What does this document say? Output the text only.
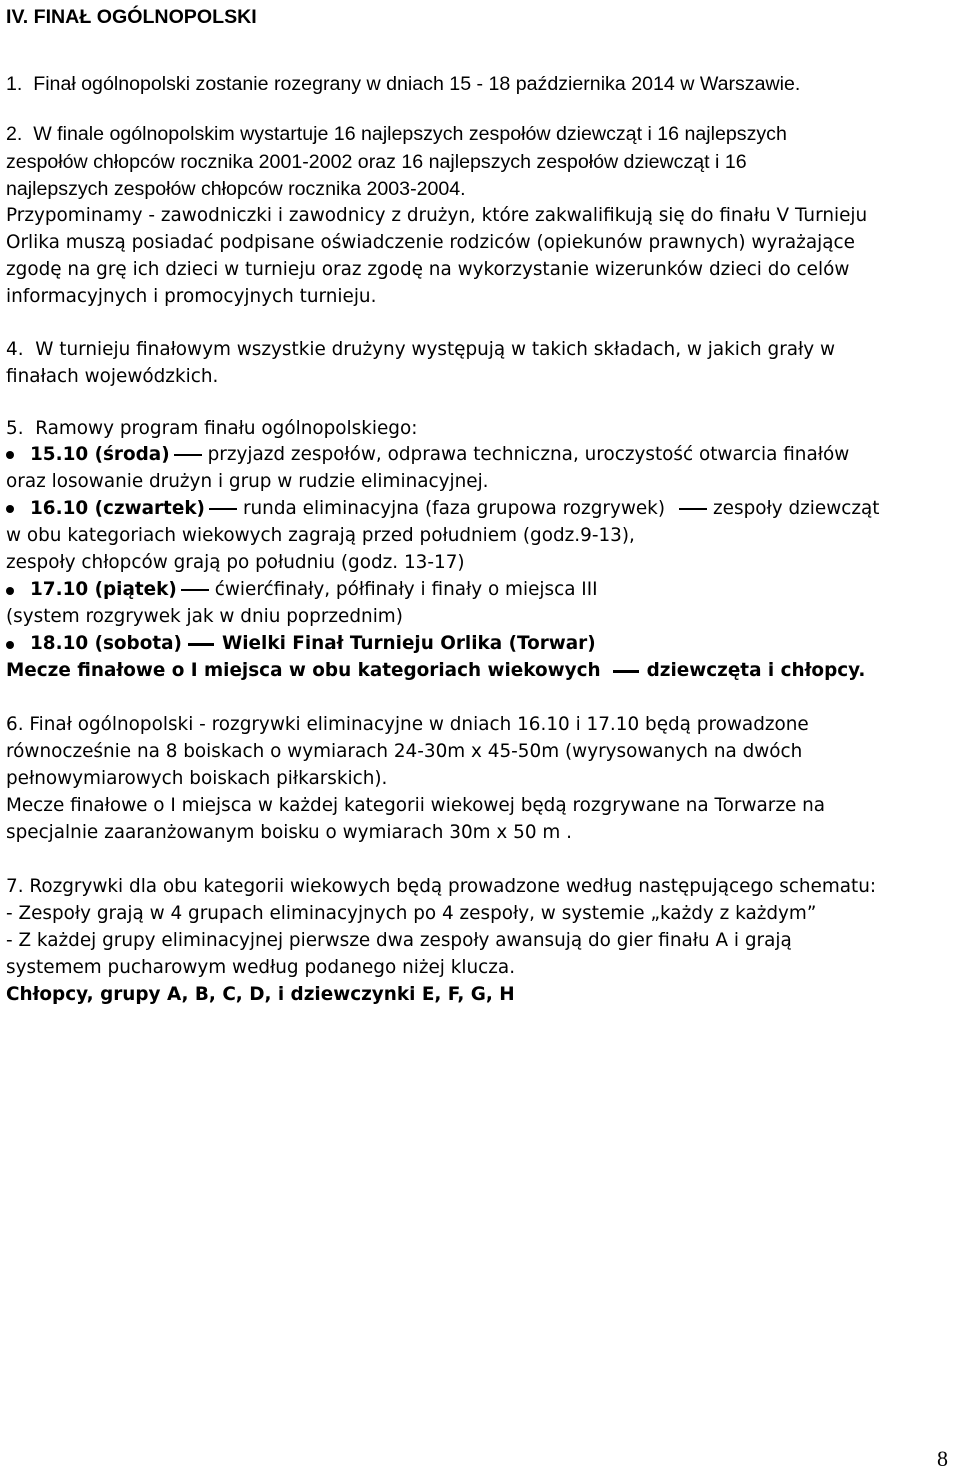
IV. FINAŁ OGÓLNOPOLSKI
1. Finał ogólnopolski zostanie rozegrany w dniach 15 - 18 października 2014 w Warszawie.
2. W finale ogólnopolskim wystartuje 16 najlepszych zespołów dziewcząt i 16 najlepszych
zespołów chłopców rocznika 2001-2002 oraz 16 najlepszych zespołów dziewcząt i 16
najlepszych zespołów chłopców rocznika 2003-2004.
Przypominamy - zawodniczki i zawodnicy z drużyn, które zakwalifikują się do finału V Turnieju
Orlika muszą posiadać podpisane oświadczenie rodziców (opiekunów prawnych) wyrażające
zgodę na grę ich dzieci w turnieju oraz zgodę na wykorzystanie wizerunków dzieci do celów
informacyjnych i promocyjnych turnieju.
4. W turnieju finałowym wszystkie drużyny występują w takich składach, w jakich grały w
finałach wojewódzkich.
5. Ramowy program finału ogólnopolskiego:
15.10 (środa) przyjazd zespołów, odprawa techniczna, uroczystość otwarcia finałów
oraz losowanie drużyn i grup w rudzie eliminacyjnej.
16.10 (czwartek) runda eliminacyjna (faza grupowa rozgrywek)	zespoły dziewcząt
w obu kategoriach wiekowych zagrają przed południem (godz.9-13),
zespoły chłopców grają po południu (godz. 13-17)
17.10 (piątek) ćwierćfinały, półfinały i finały o miejsca III
(system rozgrywek jak w dniu poprzednim)
18.10 (sobota) Wielki Finał Turnieju Orlika (Torwar)
Mecze finałowe o I miejsca w obu kategoriach wiekowych	dziewczęta i chłopcy.
6. Finał ogólnopolski - rozgrywki eliminacyjne w dniach 16.10 i 17.10 będą prowadzone
równocześnie na 8 boiskach o wymiarach 24-30m x 45-50m (wyrysowanych na dwóch
pełnowymiarowych boiskach piłkarskich).
Mecze finałowe o I miejsca w każdej kategorii wiekowej będą rozgrywane na Torwarze na
specjalnie zaaranżowanym boisku o wymiarach 30m x 50 m .
7. Rozgrywki dla obu kategorii wiekowych będą prowadzone według następującego schematu:
- Zespoły grają w 4 grupach eliminacyjnych po 4 zespoły, w systemie „każdy z każdym”
- Z każdej grupy eliminacyjnej pierwsze dwa zespoły awansują do gier finału A i grają
systemem pucharowym według podanego niżej klucza.
Chłopcy, grupy A, B, C, D, i dziewczynki E, F, G, H
8
